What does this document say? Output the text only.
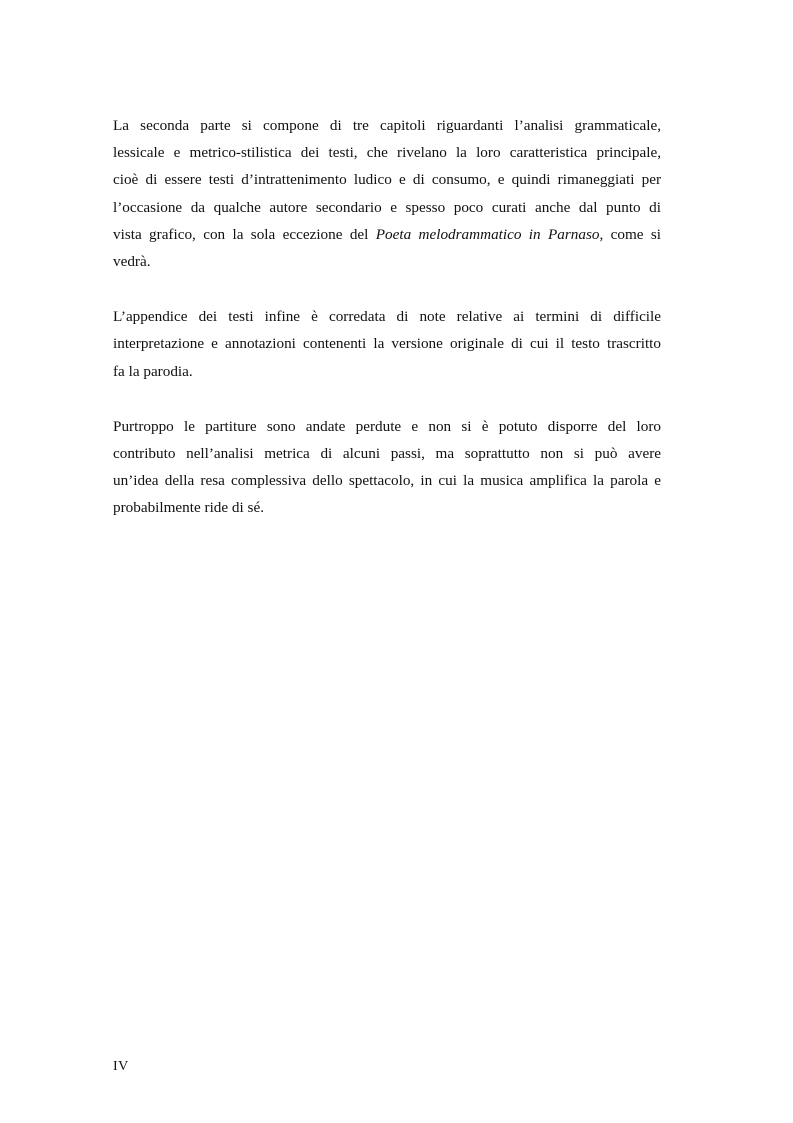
La seconda parte si compone di tre capitoli riguardanti l’analisi grammaticale,
lessicale e metrico-stilistica dei testi, che rivelano la loro caratteristica principale,
cioè di essere testi d’intrattenimento ludico e di consumo, e quindi rimaneggiati per
l’occasione da qualche autore secondario e spesso poco curati anche dal punto di
vista grafico, con la sola eccezione del Poeta melodrammatico in Parnaso, come si
vedrà.

L’appendice dei testi infine è corredata di note relative ai termini di difficile
interpretazione e annotazioni contenenti la versione originale di cui il testo trascritto
fa la parodia.

Purtroppo le partiture sono andate perdute e non si è potuto disporre del loro
contributo nell’analisi metrica di alcuni passi, ma soprattutto non si può avere
un’idea della resa complessiva dello spettacolo, in cui la musica amplifica la parola e
probabilmente ride di sé.

IV
